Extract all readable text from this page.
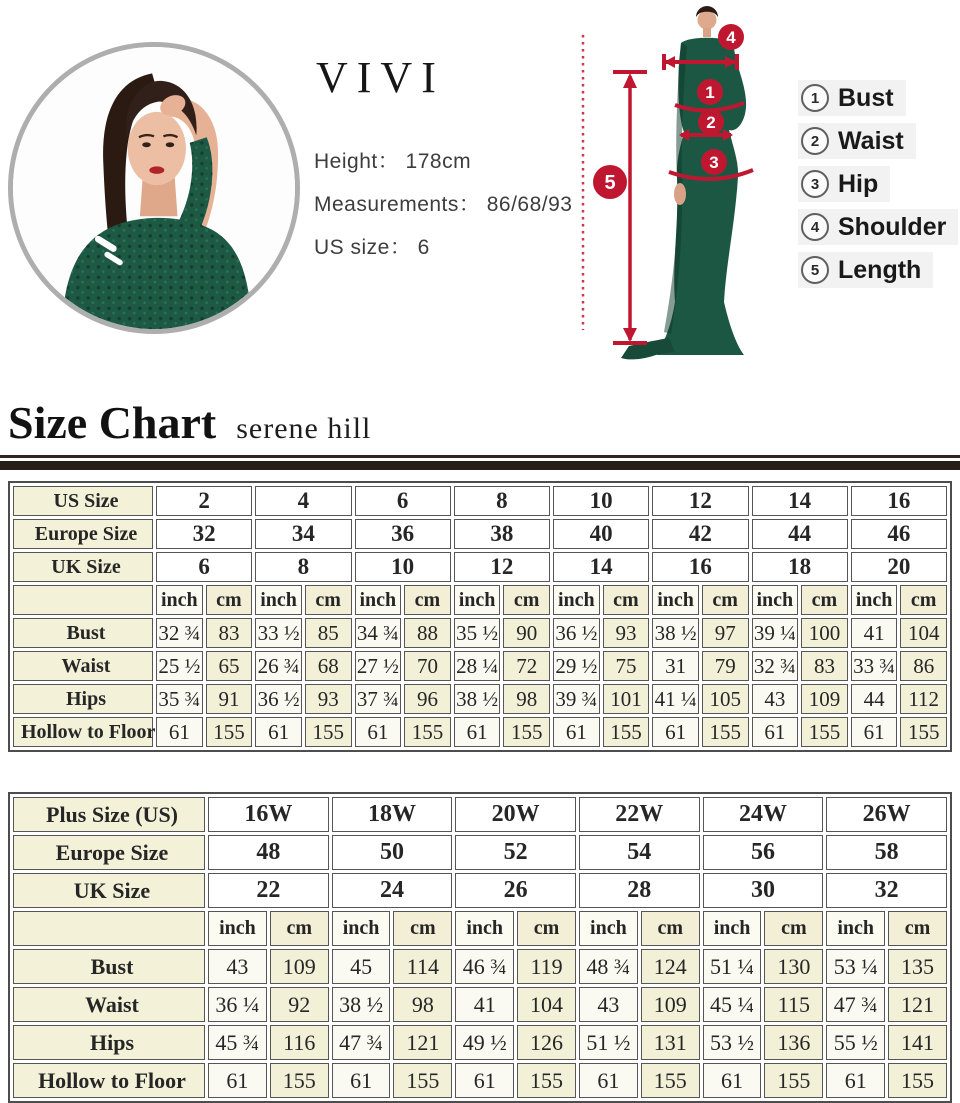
VIVI
Height： 178cm
Measurements： 86/68/93
US size： 6
1
2
3
4
5
1 Bust
2 Waist
3 Hip
4 Shoulder
5 Length
Size Chart serene hill
US Size	2		4		6		8		10		12		14		16	
Europe Size	32		34		36		38		40		42		44		46	
UK Size	6		8		10		12		14		16		18		20	
	inch	cm	inch	cm	inch	cm	inch	cm	inch	cm	inch	cm	inch	cm	inch	cm
Bust	32 ¾	83	33 ½	85	34 ¾	88	35 ½	90	36 ½	93	38 ½	97	39 ¼	100	41	104
Waist	25 ½	65	26 ¾	68	27 ½	70	28 ¼	72	29 ½	75	31	79	32 ¾	83	33 ¾	86
Hips	35 ¾	91	36 ½	93	37 ¾	96	38 ½	98	39 ¾	101	41 ¼	105	43	109	44	112
Hollow to Floor	61	155	61	155	61	155	61	155	61	155	61	155	61	155	61	155
Plus Size (US)	16W		18W		20W		22W		24W		26W	
Europe Size	48		50		52		54		56		58	
UK Size	22		24		26		28		30		32	
	inch	cm	inch	cm	inch	cm	inch	cm	inch	cm	inch	cm
Bust	43	109	45	114	46 ¾	119	48 ¾	124	51 ¼	130	53 ¼	135
Waist	36 ¼	92	38 ½	98	41	104	43	109	45 ¼	115	47 ¾	121
Hips	45 ¾	116	47 ¾	121	49 ½	126	51 ½	131	53 ½	136	55 ½	141
Hollow to Floor	61	155	61	155	61	155	61	155	61	155	61	155
